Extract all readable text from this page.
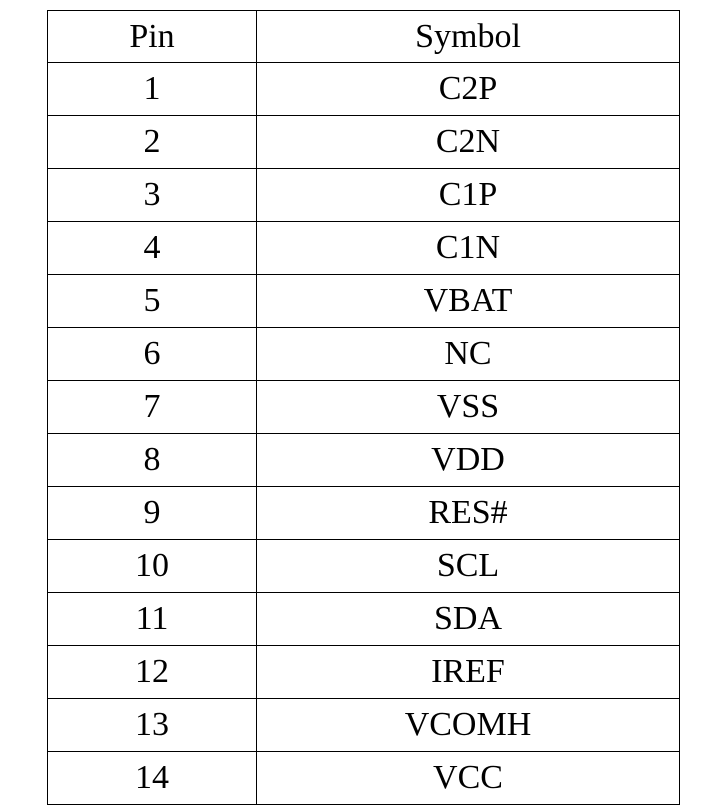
Pin	Symbol
1	C2P
2	C2N
3	C1P
4	C1N
5	VBAT
6	NC
7	VSS
8	VDD
9	RES#
10	SCL
11	SDA
12	IREF
13	VCOMH
14	VCC
